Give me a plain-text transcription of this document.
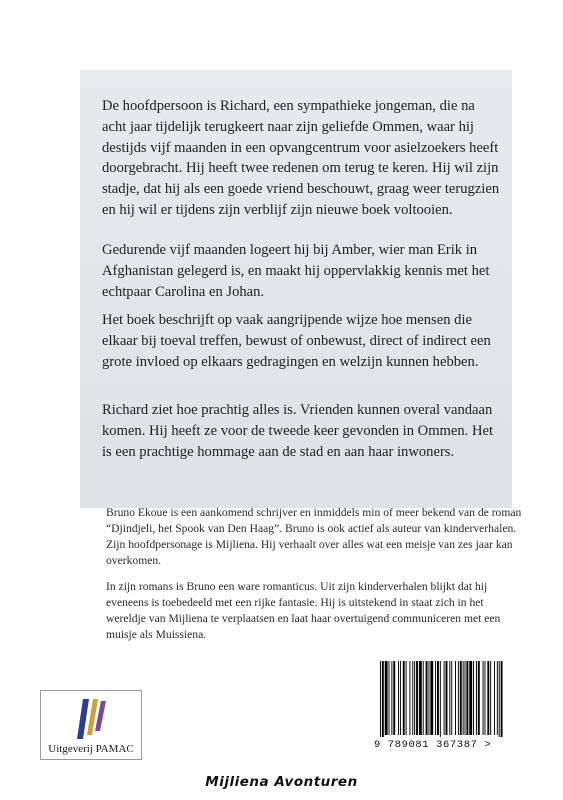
De hoofdpersoon is Richard, een sympathieke jongeman, die na acht jaar tijdelijk terugkeert naar zijn geliefde Ommen, waar hij destijds vijf maanden in een opvangcentrum voor asielzoekers heeft doorgebracht. Hij heeft twee redenen om terug te keren. Hij wil zijn stadje, dat hij als een goede vriend beschouwt, graag weer terugzien en hij wil er tijdens zijn verblijf zijn nieuwe boek voltooien.

Gedurende vijf maanden logeert hij bij Amber, wier man Erik in Afghanistan gelegerd is, en maakt hij oppervlakkig kennis met het echtpaar Carolina en Johan.

Het boek beschrijft op vaak aangrijpende wijze hoe mensen die elkaar bij toeval treffen, bewust of onbewust, direct of indirect een grote invloed op elkaars gedragingen en welzijn kunnen hebben.

Richard ziet hoe prachtig alles is. Vrienden kunnen overal vandaan komen. Hij heeft ze voor de tweede keer gevonden in Ommen. Het is een prachtige hommage aan de stad en aan haar inwoners.

Bruno Ekoue is een aankomend schrijver en inmiddels min of meer bekend van de roman “Djindjeli, het Spook van Den Haag”. Bruno is ook actief als auteur van kinderverhalen. Zijn hoofdpersonage is Mijliena. Hij verhaalt over alles wat een meisje van zes jaar kan overkomen.

In zijn romans is Bruno een ware romanticus. Uit zijn kinderverhalen blijkt dat hij eveneens is toebedeeld met een rijke fantasie. Hij is uitstekend in staat zich in het wereldje van Mijliena te verplaatsen en laat haar overtuigend communiceren met een muisje als Muissiena.

9 789081 367387 >
Uitgeverij PAMAC
Mijliena Avonturen
